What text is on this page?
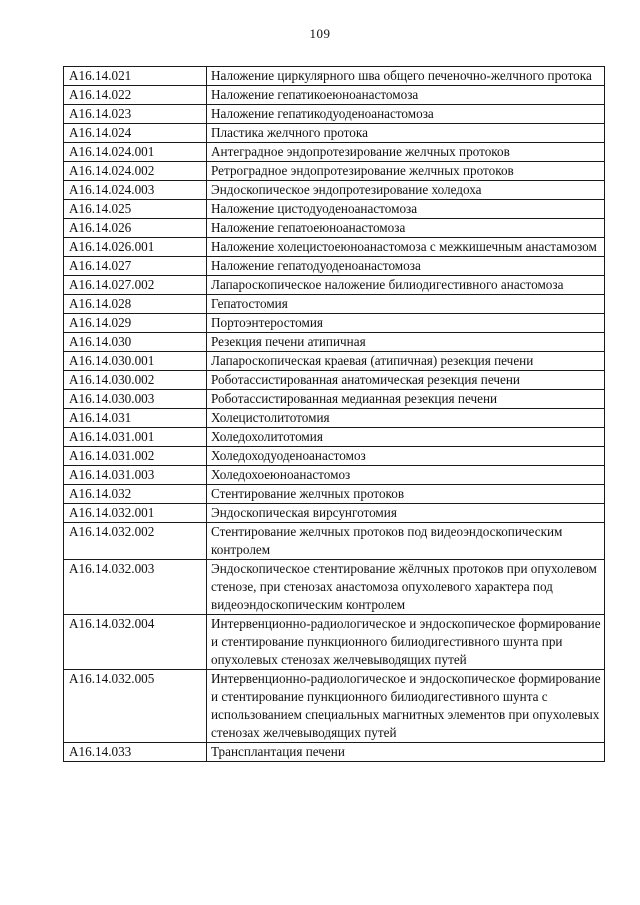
109
А16.14.021	Наложение циркулярного шва общего печеночно-желчного протока
А16.14.022	Наложение гепатикоеюноанастомоза
А16.14.023	Наложение гепатикодуоденоанастомоза
А16.14.024	Пластика желчного протока
А16.14.024.001	Антеградное эндопротезирование желчных протоков
А16.14.024.002	Ретроградное эндопротезирование желчных протоков
А16.14.024.003	Эндоскопическое эндопротезирование холедоха
А16.14.025	Наложение цистодуоденоанастомоза
А16.14.026	Наложение гепатоеюноанастомоза
А16.14.026.001	Наложение холецистоеюноанастомоза с межкишечным анастамозом
А16.14.027	Наложение гепатодуоденоанастомоза
А16.14.027.002	Лапароскопическое наложение билиодигестивного анастомоза
А16.14.028	Гепатостомия
А16.14.029	Портоэнтеростомия
А16.14.030	Резекция печени атипичная
А16.14.030.001	Лапароскопическая краевая (атипичная) резекция печени
А16.14.030.002	Роботассистированная анатомическая резекция печени
А16.14.030.003	Роботассистированная медианная резекция печени
А16.14.031	Холецистолитотомия
А16.14.031.001	Холедохолитотомия
А16.14.031.002	Холедоходуоденоанастомоз
А16.14.031.003	Холедохоеюноанастомоз
А16.14.032	Стентирование желчных протоков
А16.14.032.001	Эндоскопическая вирсунготомия
А16.14.032.002	Стентирование желчных протоков под видеоэндоскопическим контролем
А16.14.032.003	Эндоскопическое стентирование жёлчных протоков при опухолевом стенозе, при стенозах анастомоза опухолевого характера под видеоэндоскопическим контролем
А16.14.032.004	Интервенционно-радиологическое и эндоскопическое формирование и стентирование пункционного билиодигестивного шунта при опухолевых стенозах желчевыводящих путей
А16.14.032.005	Интервенционно-радиологическое и эндоскопическое формирование и стентирование пункционного билиодигестивного шунта с использованием специальных магнитных элементов при опухолевых стенозах желчевыводящих путей
А16.14.033	Трансплантация печени
